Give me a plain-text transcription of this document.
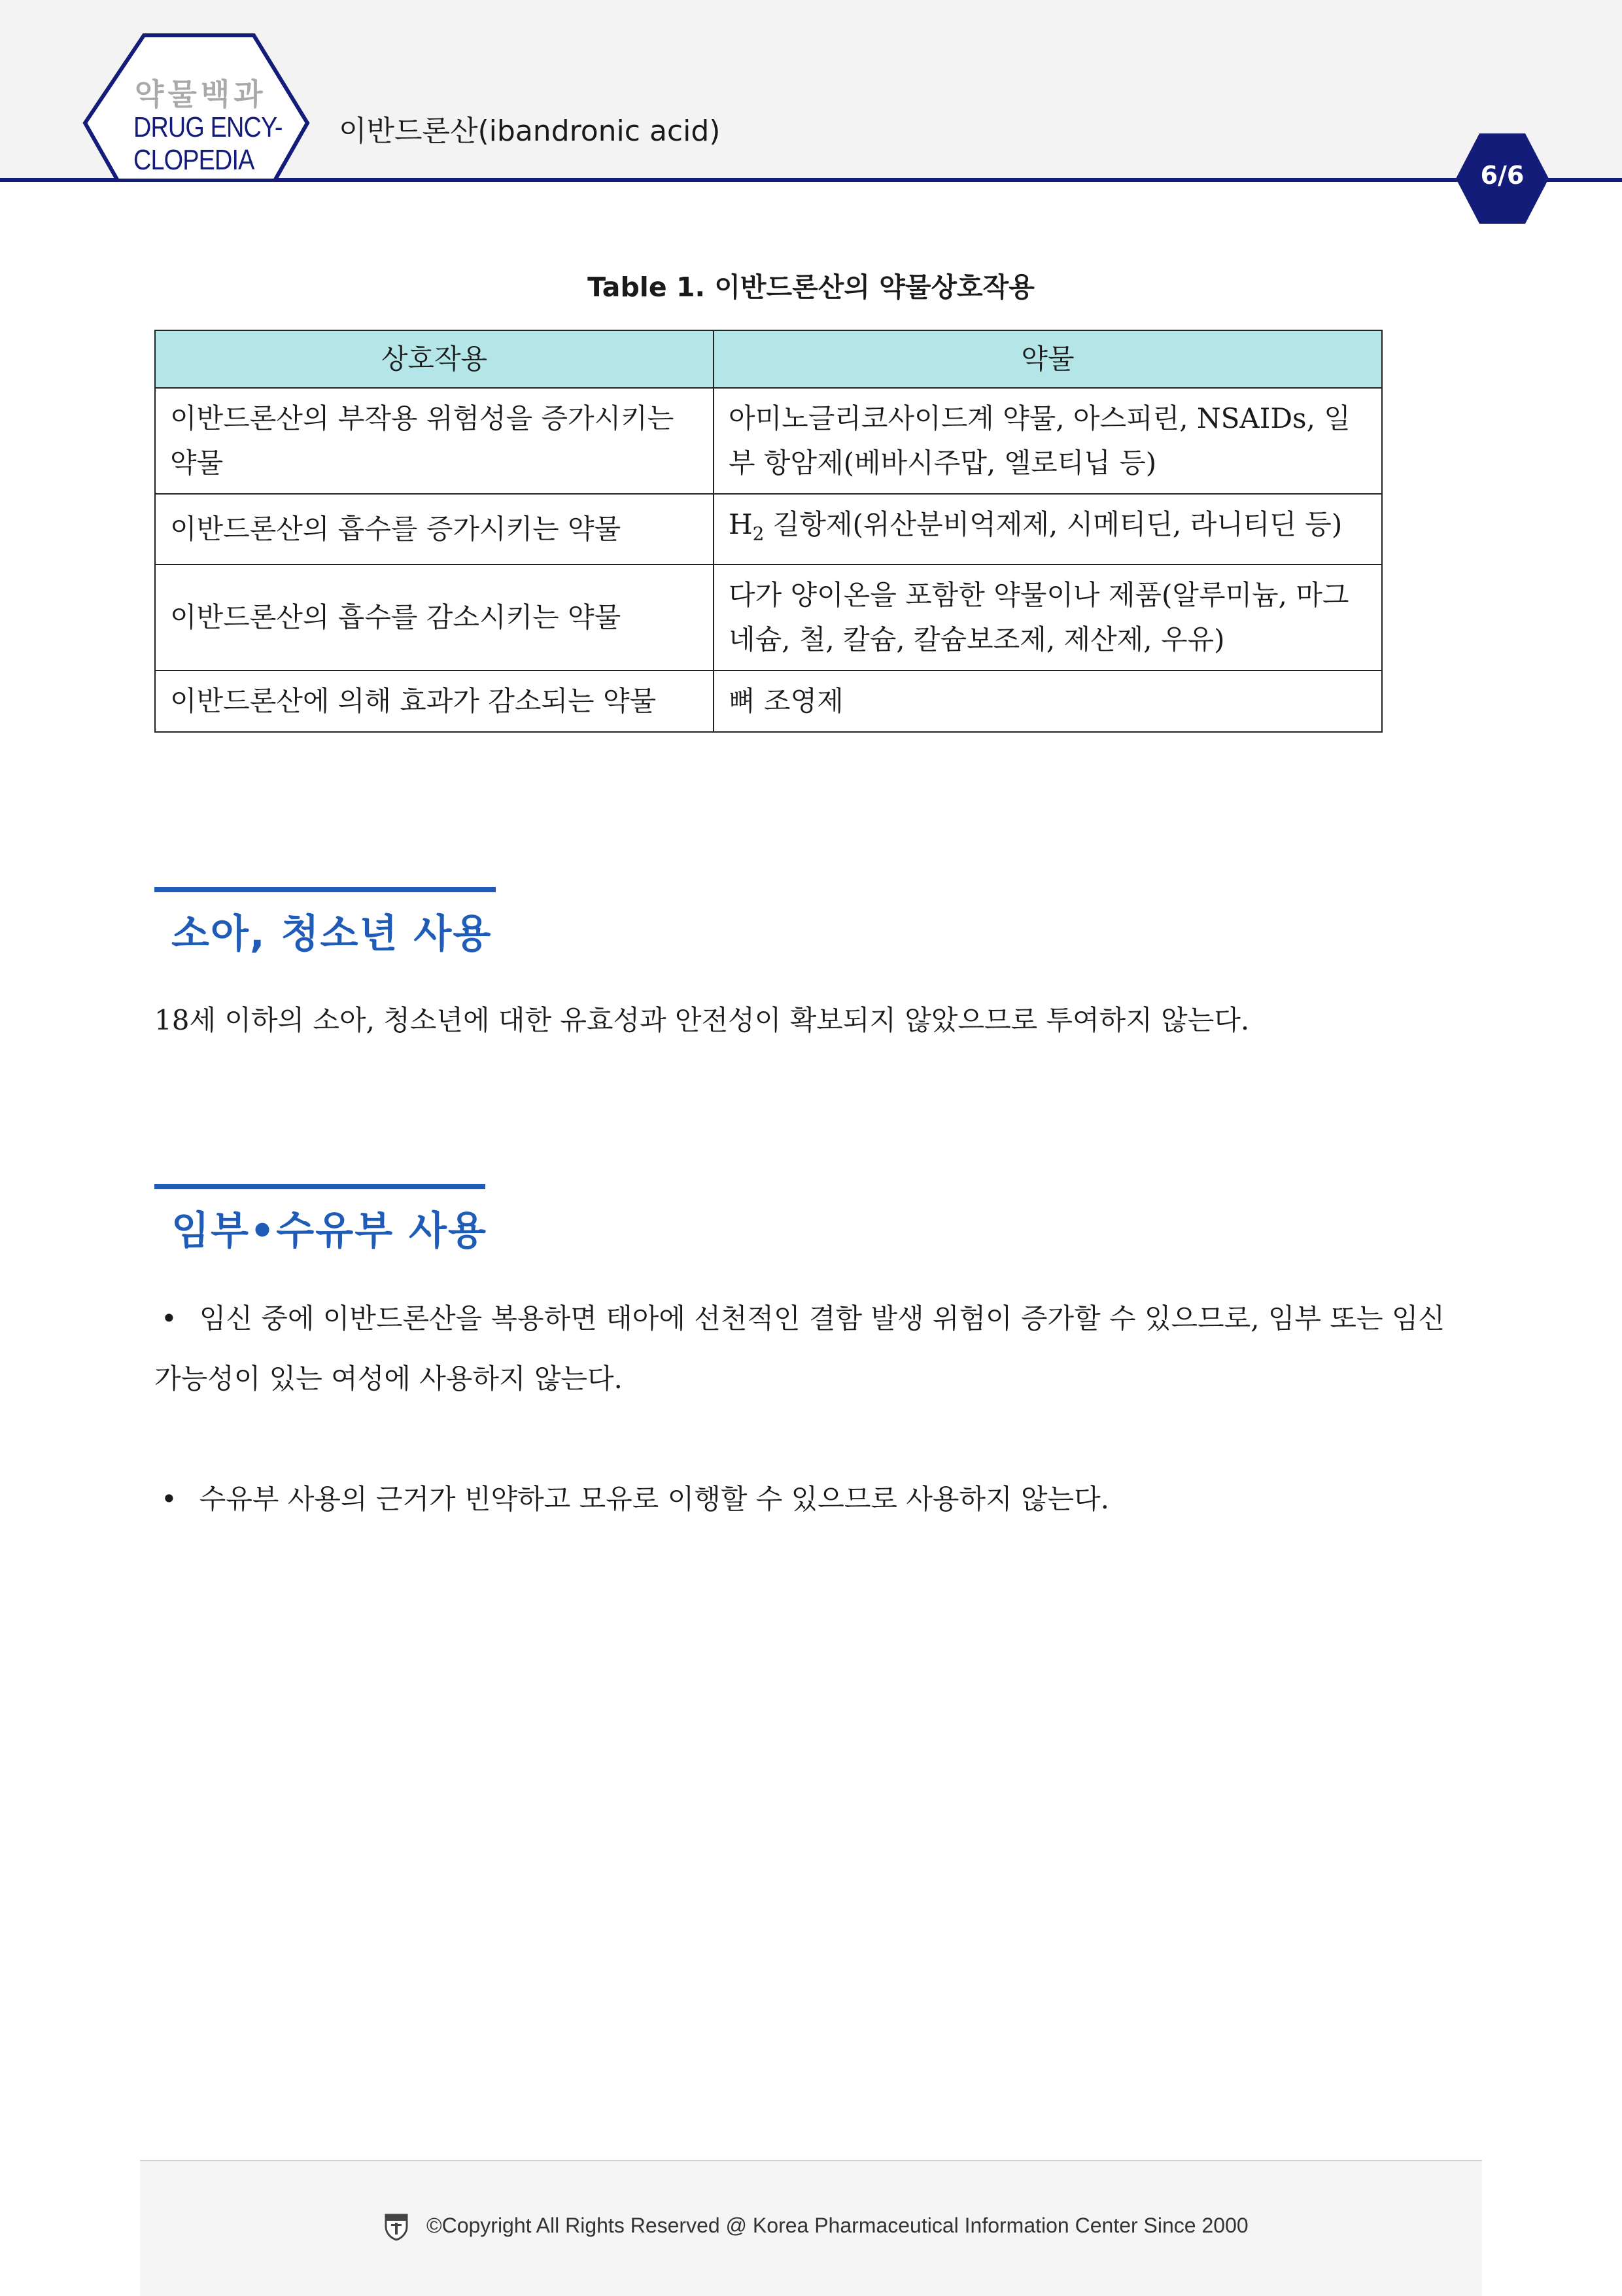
약물백과
DRUG ENCY-
CLOPEDIA
이반드론산(ibandronic acid)
6/6
Table 1. 이반드론산의 약물상호작용
상호작용	약물
이반드론산의 부작용 위험성을 증가시키는 약물	아미노글리코사이드계 약물, 아스피린, NSAIDs, 일부 항암제(베바시주맙, 엘로티닙 등)
이반드론산의 흡수를 증가시키는 약물	$H_2$ 길항제(위산분비억제제, 시메티딘, 라니티딘 등)
이반드론산의 흡수를 감소시키는 약물	다가 양이온을 포함한 약물이나 제품(알루미늄, 마그네슘, 철, 칼슘, 칼슘보조제, 제산제, 우유)
이반드론산에 의해 효과가 감소되는 약물	뼈 조영제
소아, 청소년 사용
18세 이하의 소아, 청소년에 대한 유효성과 안전성이 확보되지 않았으므로 투여하지 않는다.
임부•수유부 사용
• 임신 중에 이반드론산을 복용하면 태아에 선천적인 결함 발생 위험이 증가할 수 있으므로, 임부 또는 임신 가능성이 있는 여성에 사용하지 않는다.
• 수유부 사용의 근거가 빈약하고 모유로 이행할 수 있으므로 사용하지 않는다.
©Copyright All Rights Reserved @ Korea Pharmaceutical Information Center Since 2000
